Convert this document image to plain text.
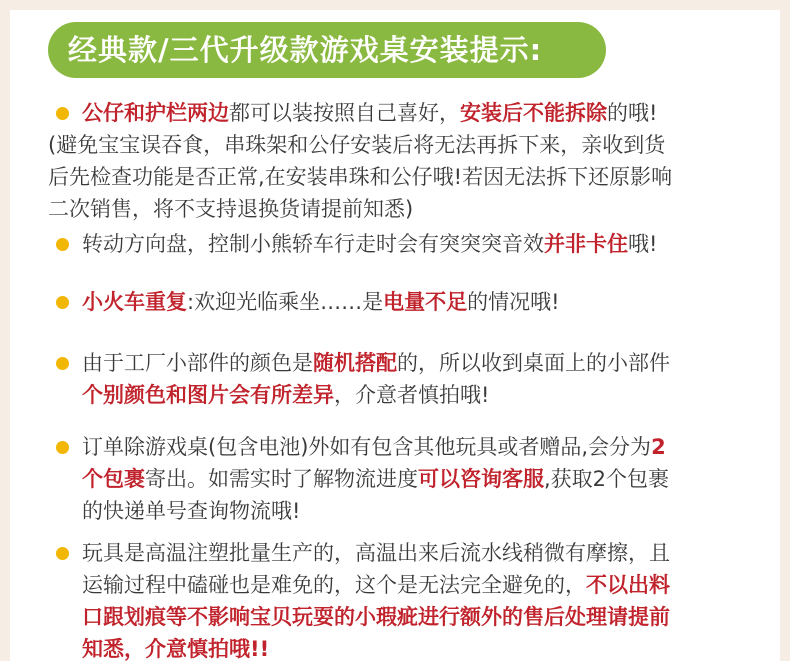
经典款/三代升级款游戏桌安装提示:
公仔和护栏两边都可以装按照自己喜好，安装后不能拆除的哦!
(避免宝宝误吞食，串珠架和公仔安装后将无法再拆下来，亲收到货
后先检查功能是否正常,在安装串珠和公仔哦!若因无法拆下还原影响
二次销售，将不支持退换货请提前知悉)
转动方向盘，控制小熊轿车行走时会有突突突音效并非卡住哦!
小火车重复:欢迎光临乘坐……是电量不足的情况哦!
由于工厂小部件的颜色是随机搭配的，所以收到桌面上的小部件
个别颜色和图片会有所差异，介意者慎拍哦!
订单除游戏桌(包含电池)外如有包含其他玩具或者赠品,会分为2
个包裹寄出。如需实时了解物流进度可以咨询客服,获取2个包裹
的快递单号查询物流哦!
玩具是高温注塑批量生产的，高温出来后流水线稍微有摩擦，且
运输过程中磕碰也是难免的，这个是无法完全避免的，不以出料
口跟划痕等不影响宝贝玩耍的小瑕疵进行额外的售后处理请提前
知悉，介意慎拍哦!!
